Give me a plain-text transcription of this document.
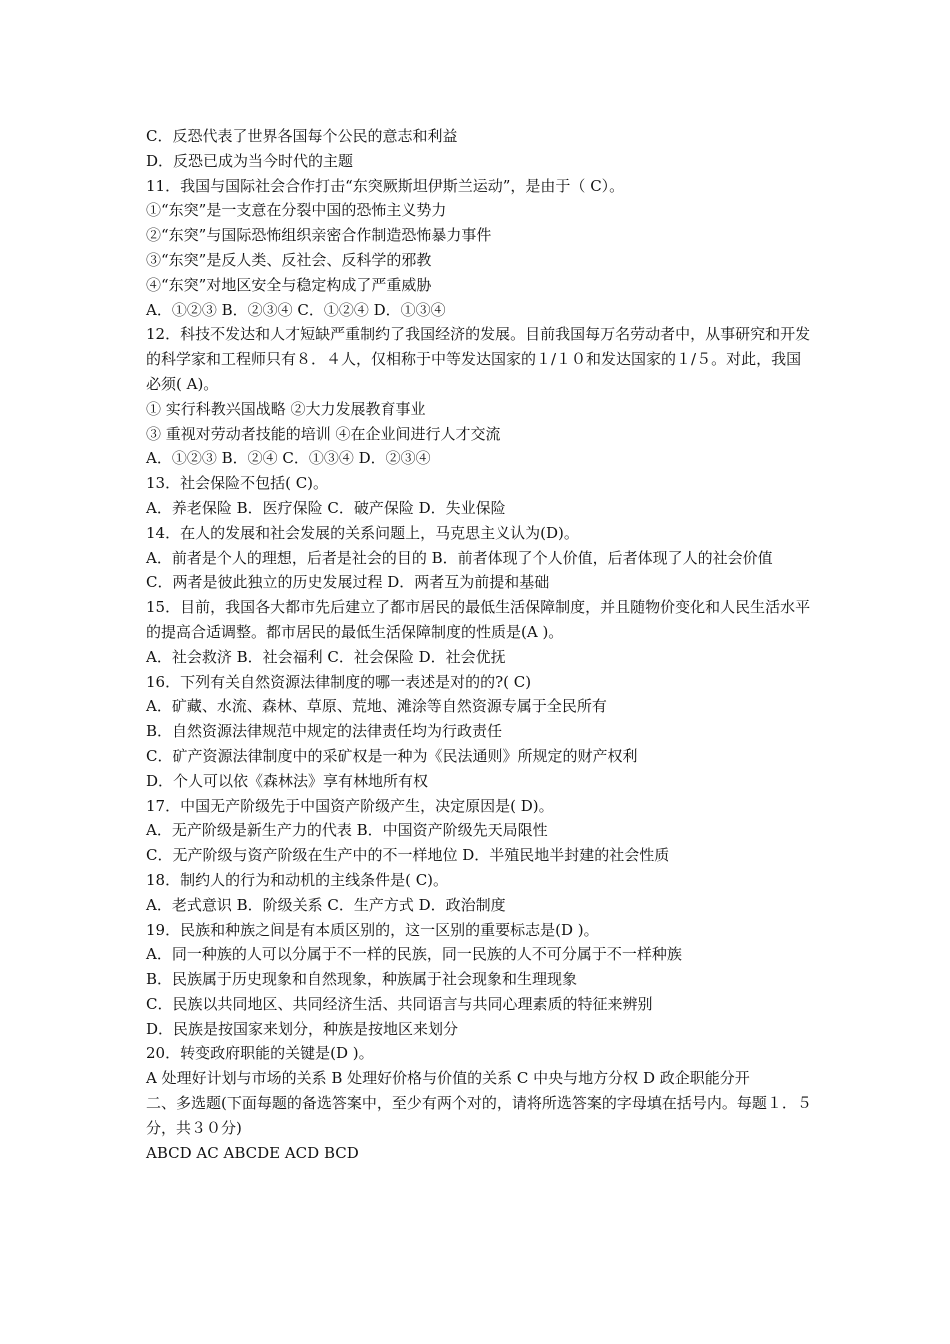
C．反恐代表了世界各国每个公民的意志和利益

D．反恐已成为当今时代的主题

11．我国与国际社会合作打击“东突厥斯坦伊斯兰运动”，是由于（ C）。

①“东突”是一支意在分裂中国的恐怖主义势力

②“东突”与国际恐怖组织亲密合作制造恐怖暴力事件

③“东突”是反人类、反社会、反科学的邪教

④“东突”对地区安全与稳定构成了严重威胁

A．①②③ B．②③④ C．①②④ D．①③④

12．科技不发达和人才短缺严重制约了我国经济的发展。目前我国每万名劳动者中，从事研究和开发的科学家和工程师只有８．４人，仅相称于中等发达国家的１/１０和发达国家的１/５。对此，我国必须( A)。

① 实行科教兴国战略 ②大力发展教育事业

③ 重视对劳动者技能的培训 ④在企业间进行人才交流

A．①②③ B．②④ C．①③④ D．②③④

13．社会保险不包括( C)。

A．养老保险 B．医疗保险 C．破产保险 D．失业保险

14．在人的发展和社会发展的关系问题上，马克思主义认为(D)。

A．前者是个人的理想，后者是社会的目的 B．前者体现了个人价值，后者体现了人的社会价值

C．两者是彼此独立的历史发展过程 D．两者互为前提和基础

15．目前，我国各大都市先后建立了都市居民的最低生活保障制度，并且随物价变化和人民生活水平的提高合适调整。都市居民的最低生活保障制度的性质是(A )。

A．社会救济 B．社会福利 C．社会保险 D．社会优抚

16．下列有关自然资源法律制度的哪一表述是对的的?( C)

A．矿藏、水流、森林、草原、荒地、滩涂等自然资源专属于全民所有

B．自然资源法律规范中规定的法律责任均为行政责任

C．矿产资源法律制度中的采矿权是一种为《民法通则》所规定的财产权利

D．个人可以依《森林法》享有林地所有权

17．中国无产阶级先于中国资产阶级产生，决定原因是( D)。

A．无产阶级是新生产力的代表 B．中国资产阶级先天局限性

C．无产阶级与资产阶级在生产中的不一样地位 D．半殖民地半封建的社会性质

18．制约人的行为和动机的主线条件是( C)。

A．老式意识 B．阶级关系 C．生产方式 D．政治制度

19．民族和种族之间是有本质区别的，这一区别的重要标志是(D )。

A．同一种族的人可以分属于不一样的民族，同一民族的人不可分属于不一样种族

B．民族属于历史现象和自然现象，种族属于社会现象和生理现象

C．民族以共同地区、共同经济生活、共同语言与共同心理素质的特征来辨别

D．民族是按国家来划分，种族是按地区来划分

20．转变政府职能的关键是(D )。

A 处理好计划与市场的关系 B 处理好价格与价值的关系 C 中央与地方分权 D 政企职能分开

二、多选题(下面每题的备选答案中，至少有两个对的，请将所选答案的字母填在括号内。每题１．５分，共３０分)

ABCD AC ABCDE ACD BCD
